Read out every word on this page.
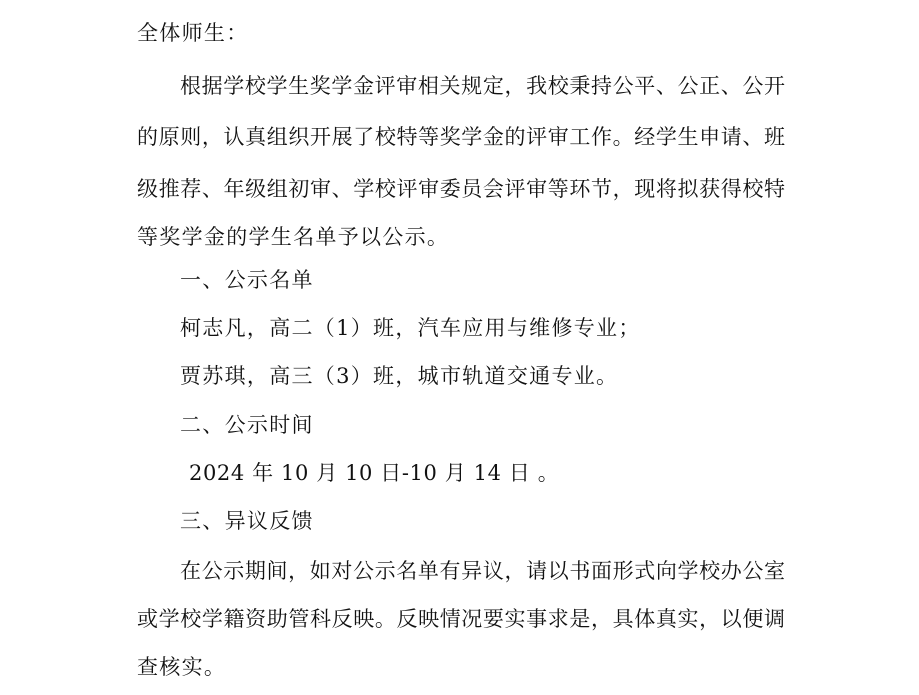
全体师生：
根据学校学生奖学金评审相关规定，我校秉持公平、公正、公开
的原则，认真组织开展了校特等奖学金的评审工作。经学生申请、班
级推荐、年级组初审、学校评审委员会评审等环节，现将拟获得校特
等奖学金的学生名单予以公示。
一、公示名单
柯志凡，高二（1）班，汽车应用与维修专业；
贾苏琪，高三（3）班，城市轨道交通专业。
二、公示时间
2024 年 10 月 10 日-10 月 14 日 。
三、异议反馈
在公示期间，如对公示名单有异议，请以书面形式向学校办公室
或学校学籍资助管科反映。反映情况要实事求是，具体真实，以便调
查核实。
